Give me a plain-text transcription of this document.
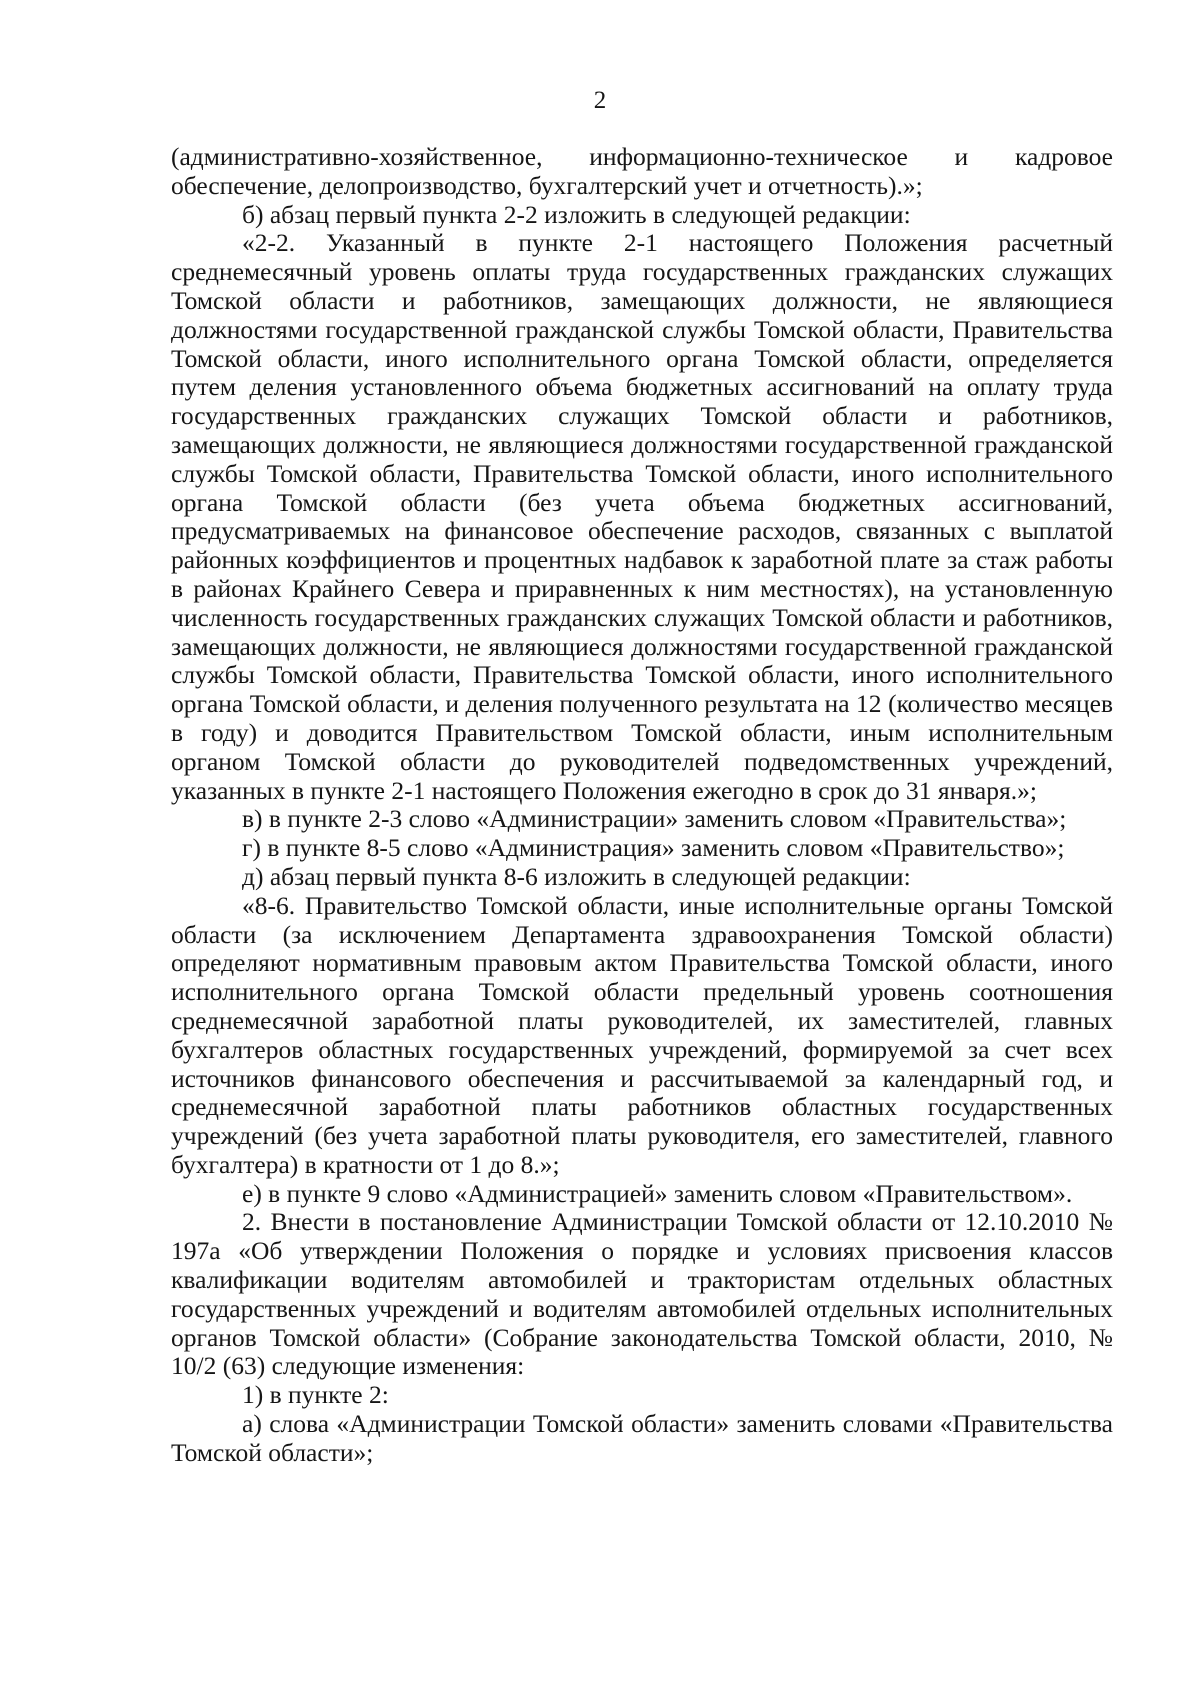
2

(административно-хозяйственное, информационно-техническое и кадровое обеспечение, делопроизводство, бухгалтерский учет и отчетность).»;

б) абзац первый пункта 2-2 изложить в следующей редакции:

«2-2. Указанный в пункте 2-1 настоящего Положения расчетный среднемесячный уровень оплаты труда государственных гражданских служащих Томской области и работников, замещающих должности, не являющиеся должностями государственной гражданской службы Томской области, Правительства Томской области, иного исполнительного органа Томской области, определяется путем деления установленного объема бюджетных ассигнований на оплату труда государственных гражданских служащих Томской области и работников, замещающих должности, не являющиеся должностями государственной гражданской службы Томской области, Правительства Томской области, иного исполнительного органа Томской области (без учета объема бюджетных ассигнований, предусматриваемых на финансовое обеспечение расходов, связанных с выплатой районных коэффициентов и процентных надбавок к заработной плате за стаж работы в районах Крайнего Севера и приравненных к ним местностях), на установленную численность государственных гражданских служащих Томской области и работников, замещающих должности, не являющиеся должностями государственной гражданской службы Томской области, Правительства Томской области, иного исполнительного органа Томской области, и деления полученного результата на 12 (количество месяцев в году) и доводится Правительством Томской области, иным исполнительным органом Томской области до руководителей подведомственных учреждений, указанных в пункте 2-1 настоящего Положения ежегодно в срок до 31 января.»;

в) в пункте 2-3 слово «Администрации» заменить словом «Правительства»;

г) в пункте 8-5 слово «Администрация» заменить словом «Правительство»;

д) абзац первый пункта 8-6 изложить в следующей редакции:

«8-6. Правительство Томской области, иные исполнительные органы Томской области (за исключением Департамента здравоохранения Томской области) определяют нормативным правовым актом Правительства Томской области, иного исполнительного органа Томской области предельный уровень соотношения среднемесячной заработной платы руководителей, их заместителей, главных бухгалтеров областных государственных учреждений, формируемой за счет всех источников финансового обеспечения и рассчитываемой за календарный год, и среднемесячной заработной платы работников областных государственных учреждений (без учета заработной платы руководителя, его заместителей, главного бухгалтера) в кратности от 1 до 8.»;

е) в пункте 9 слово «Администрацией» заменить словом «Правительством».

2. Внести в постановление Администрации Томской области от 12.10.2010 № 197а «Об утверждении Положения о порядке и условиях присвоения классов квалификации водителям автомобилей и трактористам отдельных областных государственных учреждений и водителям автомобилей отдельных исполнительных органов Томской области» (Собрание законодательства Томской области, 2010, № 10/2 (63) следующие изменения:

1) в пункте 2:

а) слова «Администрации Томской области» заменить словами «Правительства Томской области»;
